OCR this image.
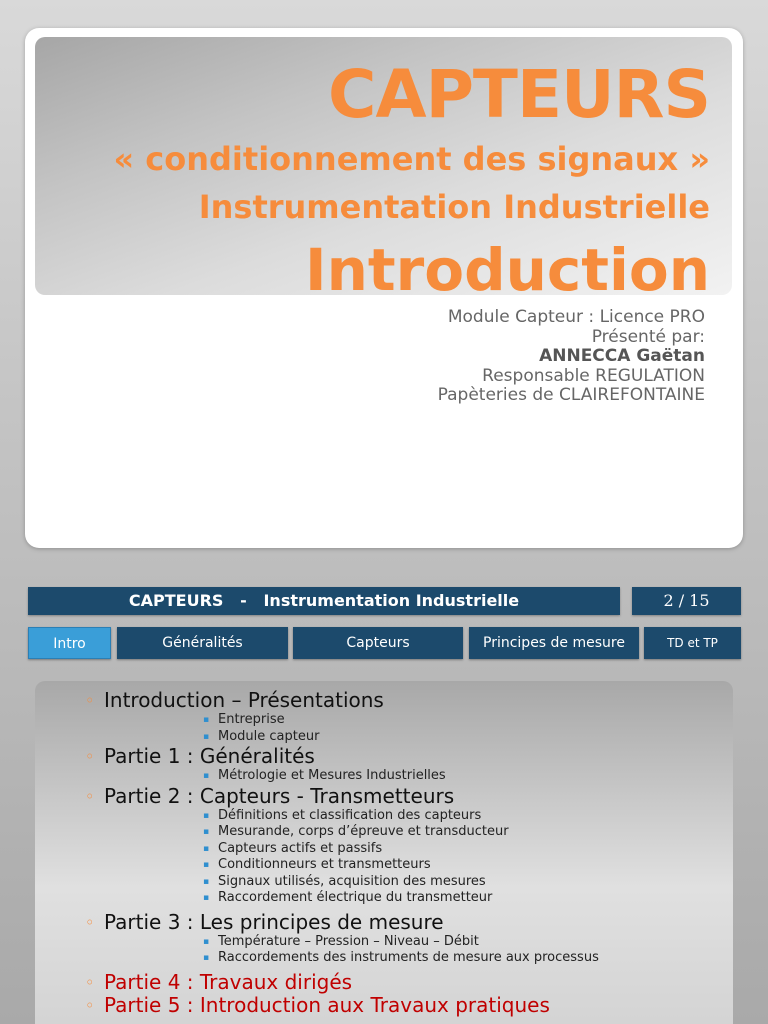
CAPTEURS
« conditionnement des signaux »
Instrumentation Industrielle
Introduction
Module Capteur : Licence PRO
Présenté par:
ANNECCA Gaëtan
Responsable REGULATION
Papèteries de CLAIREFONTAINE
CAPTEURS   -   Instrumentation Industrielle	2 / 15
Intro	Généralités	Capteurs	Principes de mesure	TD et TP
◦ Introduction – Présentations
▪ Entreprise
▪ Module capteur
◦ Partie 1 : Généralités
▪ Métrologie et Mesures Industrielles
◦ Partie 2 : Capteurs - Transmetteurs
▪ Définitions et classification des capteurs
▪ Mesurande, corps d’épreuve et transducteur
▪ Capteurs actifs et passifs
▪ Conditionneurs et transmetteurs
▪ Signaux utilisés, acquisition des mesures
▪ Raccordement électrique du transmetteur
◦ Partie 3 : Les principes de mesure
▪ Température – Pression – Niveau – Débit
▪ Raccordements des instruments de mesure aux processus
◦ Partie 4 : Travaux dirigés
◦ Partie 5 : Introduction aux Travaux pratiques
